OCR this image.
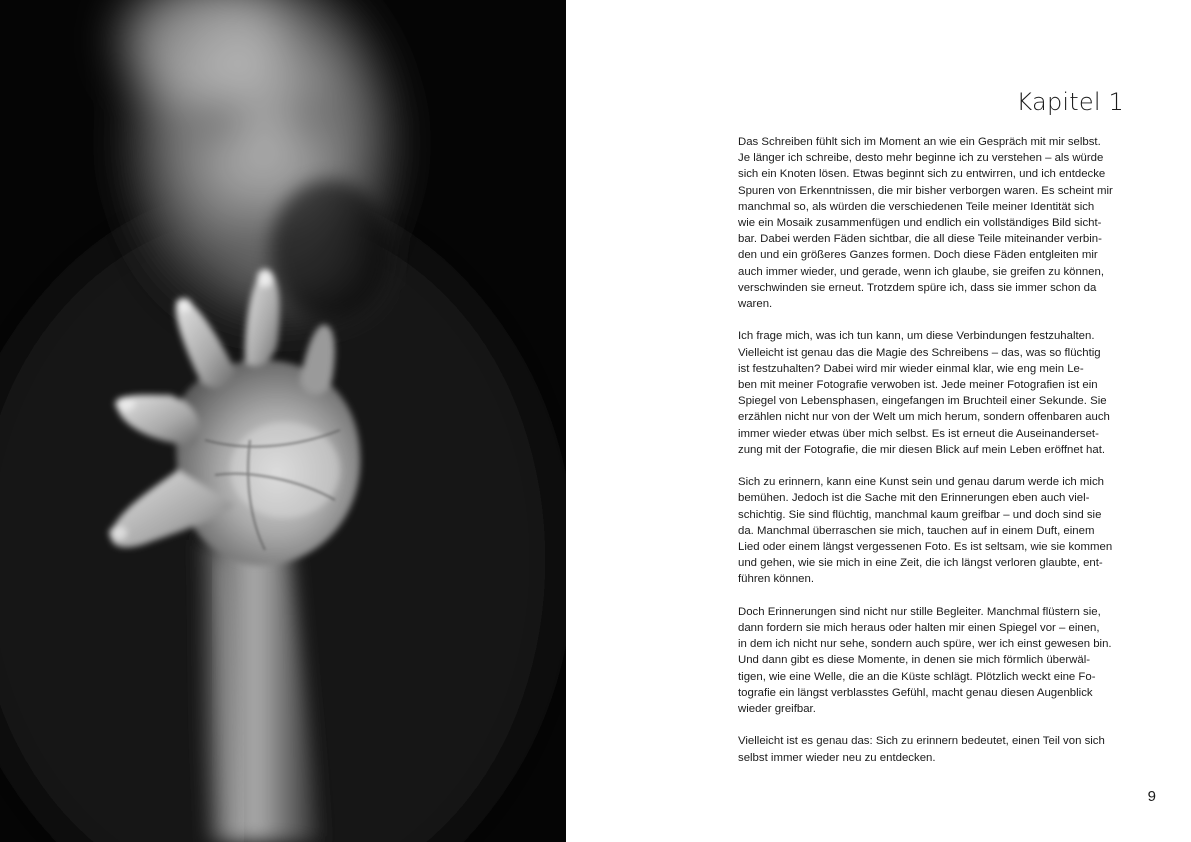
Kapitel 1

Das Schreiben fühlt sich im Moment an wie ein Gespräch mit mir selbst.
Je länger ich schreibe, desto mehr beginne ich zu verstehen – als würde
sich ein Knoten lösen. Etwas beginnt sich zu entwirren, und ich entdecke
Spuren von Erkenntnissen, die mir bisher verborgen waren. Es scheint mir
manchmal so, als würden die verschiedenen Teile meiner Identität sich
wie ein Mosaik zusammenfügen und endlich ein vollständiges Bild sicht-
bar. Dabei werden Fäden sichtbar, die all diese Teile miteinander verbin-
den und ein größeres Ganzes formen. Doch diese Fäden entgleiten mir
auch immer wieder, und gerade, wenn ich glaube, sie greifen zu können,
verschwinden sie erneut. Trotzdem spüre ich, dass sie immer schon da
waren.

Ich frage mich, was ich tun kann, um diese Verbindungen festzuhalten.
Vielleicht ist genau das die Magie des Schreibens – das, was so flüchtig
ist festzuhalten? Dabei wird mir wieder einmal klar, wie eng mein Le-
ben mit meiner Fotografie verwoben ist. Jede meiner Fotografien ist ein
Spiegel von Lebensphasen, eingefangen im Bruchteil einer Sekunde. Sie
erzählen nicht nur von der Welt um mich herum, sondern offenbaren auch
immer wieder etwas über mich selbst. Es ist erneut die Auseinanderset-
zung mit der Fotografie, die mir diesen Blick auf mein Leben eröffnet hat.

Sich zu erinnern, kann eine Kunst sein und genau darum werde ich mich
bemühen. Jedoch ist die Sache mit den Erinnerungen eben auch viel-
schichtig. Sie sind flüchtig, manchmal kaum greifbar – und doch sind sie
da. Manchmal überraschen sie mich, tauchen auf in einem Duft, einem
Lied oder einem längst vergessenen Foto. Es ist seltsam, wie sie kommen
und gehen, wie sie mich in eine Zeit, die ich längst verloren glaubte, ent-
führen können.

Doch Erinnerungen sind nicht nur stille Begleiter. Manchmal flüstern sie,
dann fordern sie mich heraus oder halten mir einen Spiegel vor – einen,
in dem ich nicht nur sehe, sondern auch spüre, wer ich einst gewesen bin.
Und dann gibt es diese Momente, in denen sie mich förmlich überwäl-
tigen, wie eine Welle, die an die Küste schlägt. Plötzlich weckt eine Fo-
tografie ein längst verblasstes Gefühl, macht genau diesen Augenblick
wieder greifbar.

Vielleicht ist es genau das: Sich zu erinnern bedeutet, einen Teil von sich
selbst immer wieder neu zu entdecken.

9
